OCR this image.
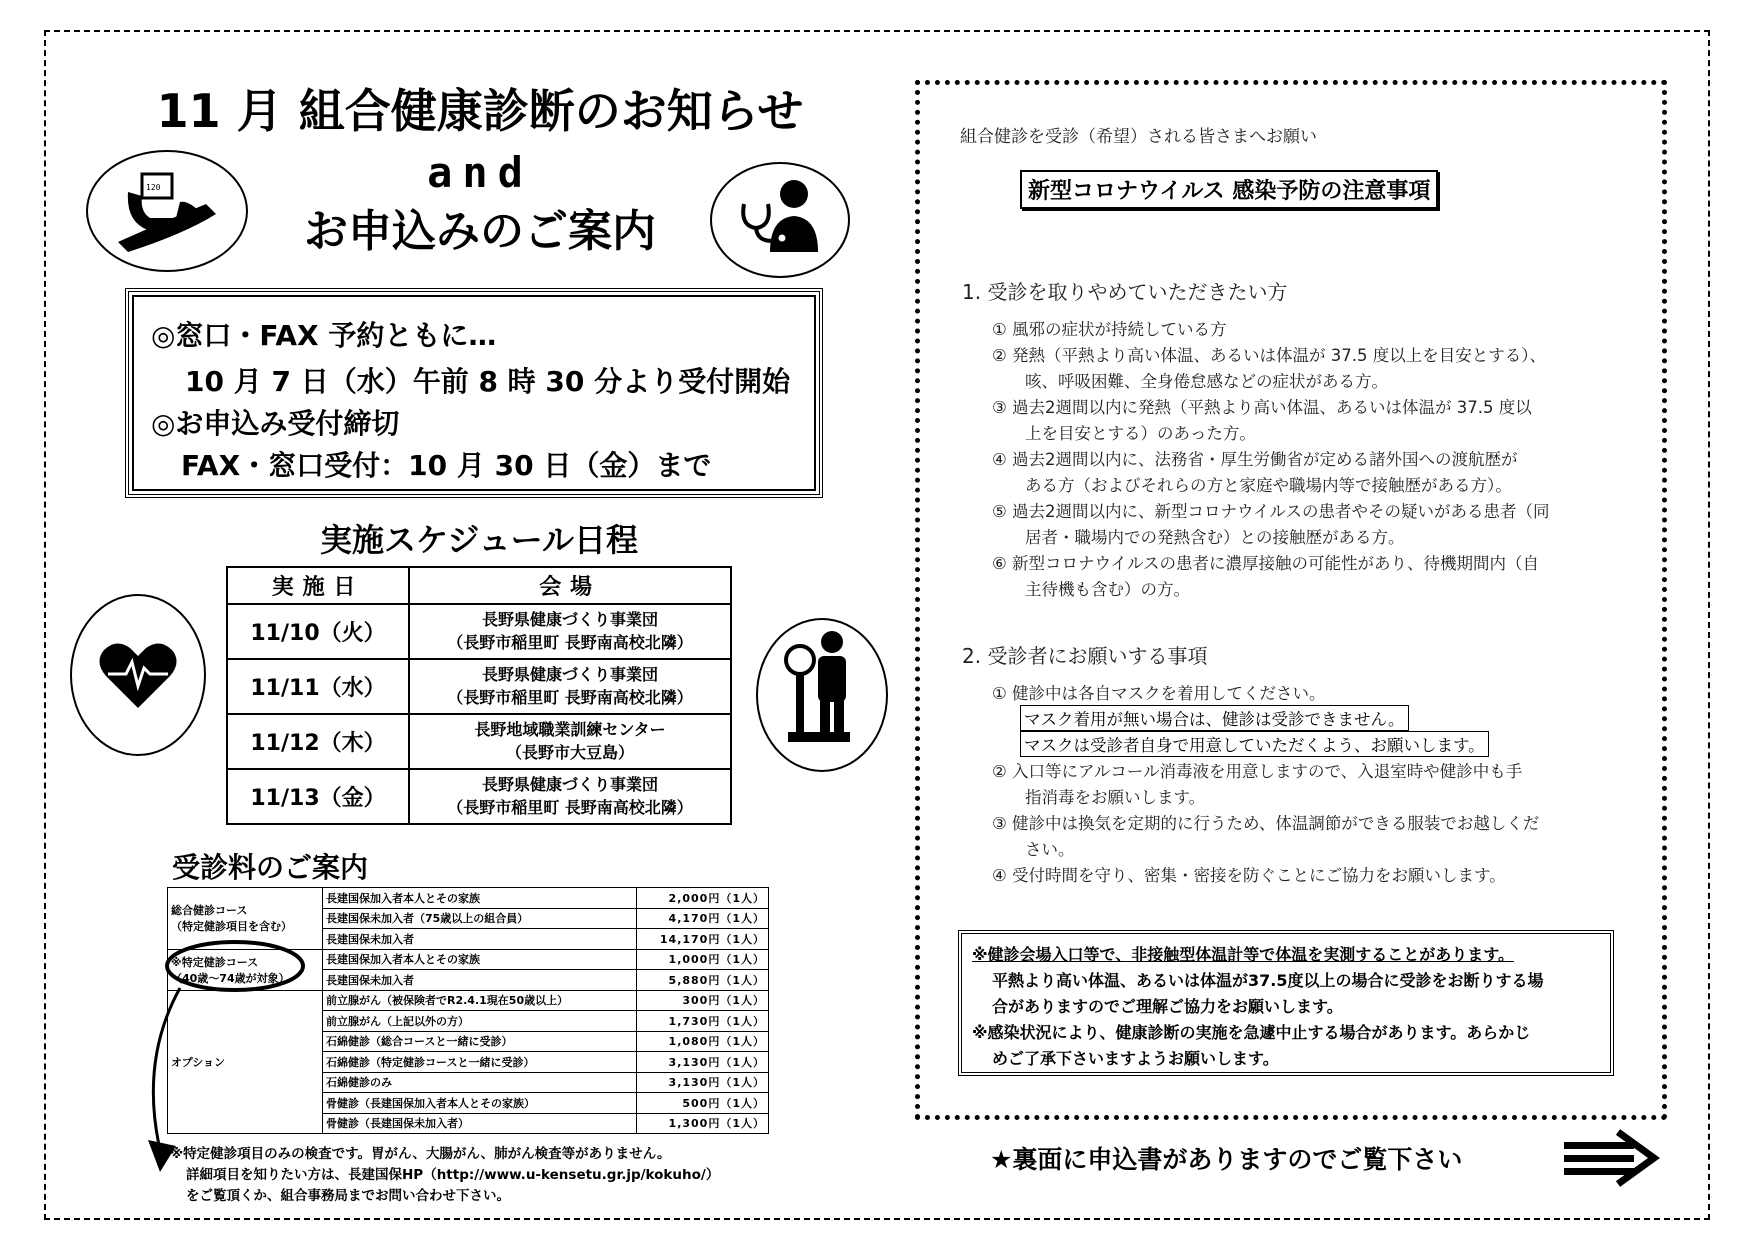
11 月 組合健康診断のお知らせ
and
お申込みのご案内
120
◎窓口・FAX 予約ともに…
10 月 7 日（水）午前 8 時 30 分より受付開始
◎お申込み受付締切
FAX・窓口受付：10 月 30 日（金）まで
実施スケジュール日程
実施日	会場
11/10（火）	長野県健康づくり事業団
（長野市稲里町 長野南高校北隣）
11/11（水）	長野県健康づくり事業団
（長野市稲里町 長野南高校北隣）
11/12（木）	長野地域職業訓練センター
（長野市大豆島）
11/13（金）	長野県健康づくり事業団
（長野市稲里町 長野南高校北隣）
受診料のご案内
総合健診コース
（特定健診項目を含む）	長建国保加入者本人とその家族	2,000円（1人）
	長建国保未加入者（75歳以上の組合員）	4,170円（1人）
	長建国保未加入者	14,170円（1人）
※特定健診コース
（40歳～74歳が対象）	長建国保加入者本人とその家族	1,000円（1人）
	長建国保未加入者	5,880円（1人）
オプション	前立腺がん（被保険者でR2.4.1現在50歳以上）	300円（1人）
	前立腺がん（上記以外の方）	1,730円（1人）
	石綿健診（総合コースと一緒に受診）	1,080円（1人）
	石綿健診（特定健診コースと一緒に受診）	3,130円（1人）
	石綿健診のみ	3,130円（1人）
	骨健診（長建国保加入者本人とその家族）	500円（1人）
	骨健診（長建国保未加入者）	1,300円（1人）
※特定健診項目のみの検査です。胃がん、大腸がん、肺がん検査等がありません。
詳細項目を知りたい方は、長建国保HP（http://www.u-kensetu.gr.jp/kokuho/）
をご覧頂くか、組合事務局までお問い合わせ下さい。
組合健診を受診（希望）される皆さまへお願い
新型コロナウイルス 感染予防の注意事項
1. 受診を取りやめていただきたい方
① 風邪の症状が持続している方
② 発熱（平熱より高い体温、あるいは体温が 37.5 度以上を目安とする）、
咳、呼吸困難、全身倦怠感などの症状がある方。
③ 過去2週間以内に発熱（平熱より高い体温、あるいは体温が 37.5 度以
上を目安とする）のあった方。
④ 過去2週間以内に、法務省・厚生労働省が定める諸外国への渡航歴が
ある方（およびそれらの方と家庭や職場内等で接触歴がある方）。
⑤ 過去2週間以内に、新型コロナウイルスの患者やその疑いがある患者（同
居者・職場内での発熱含む）との接触歴がある方。
⑥ 新型コロナウイルスの患者に濃厚接触の可能性があり、待機期間内（自
主待機も含む）の方。
2. 受診者にお願いする事項
① 健診中は各自マスクを着用してください。
マスク着用が無い場合は、健診は受診できません。
マスクは受診者自身で用意していただくよう、お願いします。
② 入口等にアルコール消毒液を用意しますので、入退室時や健診中も手
指消毒をお願いします。
③ 健診中は換気を定期的に行うため、体温調節ができる服装でお越しくだ
さい。
④ 受付時間を守り、密集・密接を防ぐことにご協力をお願いします。
※健診会場入口等で、非接触型体温計等で体温を実測することがあります。
平熱より高い体温、あるいは体温が37.5度以上の場合に受診をお断りする場
合がありますのでご理解ご協力をお願いします。
※感染状況により、健康診断の実施を急遽中止する場合があります。あらかじ
めご了承下さいますようお願いします。
★裏面に申込書がありますのでご覧下さい
